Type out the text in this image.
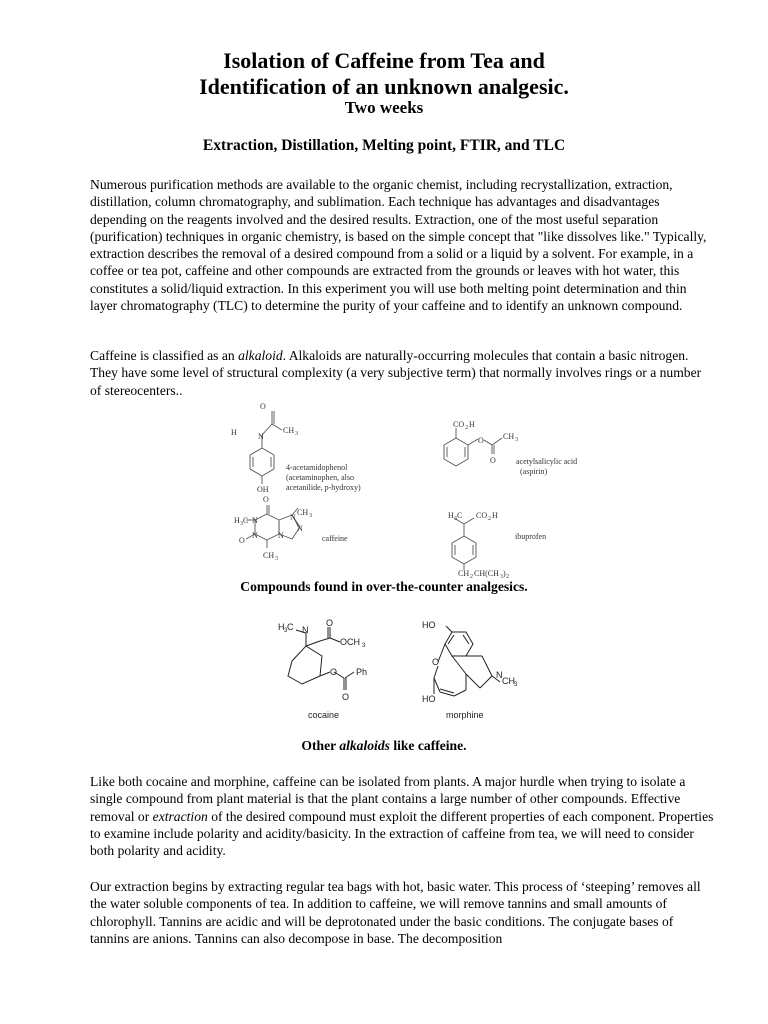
Isolation of Caffeine from Tea and
Identification of an unknown analgesic.
Two weeks
Extraction, Distillation, Melting point, FTIR, and TLC

Numerous purification methods are available to the organic chemist, including recrystallization, extraction, distillation, column chromatography, and sublimation. Each technique has advantages and disadvantages depending on the reagents involved and the desired results. Extraction, one of the most useful separation (purification) techniques in organic chemistry, is based on the simple concept that "like dissolves like." Typically, extraction describes the removal of a desired compound from a solid or a liquid by a solvent. For example, in a coffee or tea pot, caffeine and other compounds are extracted from the grounds or leaves with hot water, this constitutes a solid/liquid extraction. In this experiment you will use both melting point determination and thin layer chromatography (TLC) to determine the purity of your caffeine and to identify an unknown compound.

Caffeine is classified as an alkaloid. Alkaloids are naturally-occurring molecules that contain a basic nitrogen. They have some level of structural complexity (a very subjective term) that normally involves rings or a number of stereocenters..

O
H	N
CH 3
OH
CO 2 H
O CH 3
O
O
CH 3
H 3 C N	N
N
N
O
N
CH 3
H 3 C CO 2 H
CH 2 CH(CH 3 ) 2
4-acetamidophenol
(acetaminophen, also
acetanilide, p-hydroxy)
acetylsalicylic acid
(aspirin)
caffeine	ibuprofen
Compounds found in over-the-counter analgesics.
H 3 C N
O
OCH 3
O Ph
O
HO
O
N
CH 3
HO
cocaine	morphine
Other alkaloids like caffeine.

Like both cocaine and morphine, caffeine can be isolated from plants. A major hurdle when trying to isolate a single compound from plant material is that the plant contains a large number of other compounds. Effective removal or extraction of the desired compound must exploit the different properties of each component. Properties to examine include polarity and acidity/basicity. In the extraction of caffeine from tea, we will need to consider both polarity and acidity.

Our extraction begins by extracting regular tea bags with hot, basic water. This process of ‘steeping’ removes all the water soluble components of tea. In addition to caffeine, we will remove tannins and small amounts of chlorophyll. Tannins are acidic and will be deprotonated under the basic conditions. The conjugate bases of tannins are anions. Tannins can also decompose in base. The decomposition
